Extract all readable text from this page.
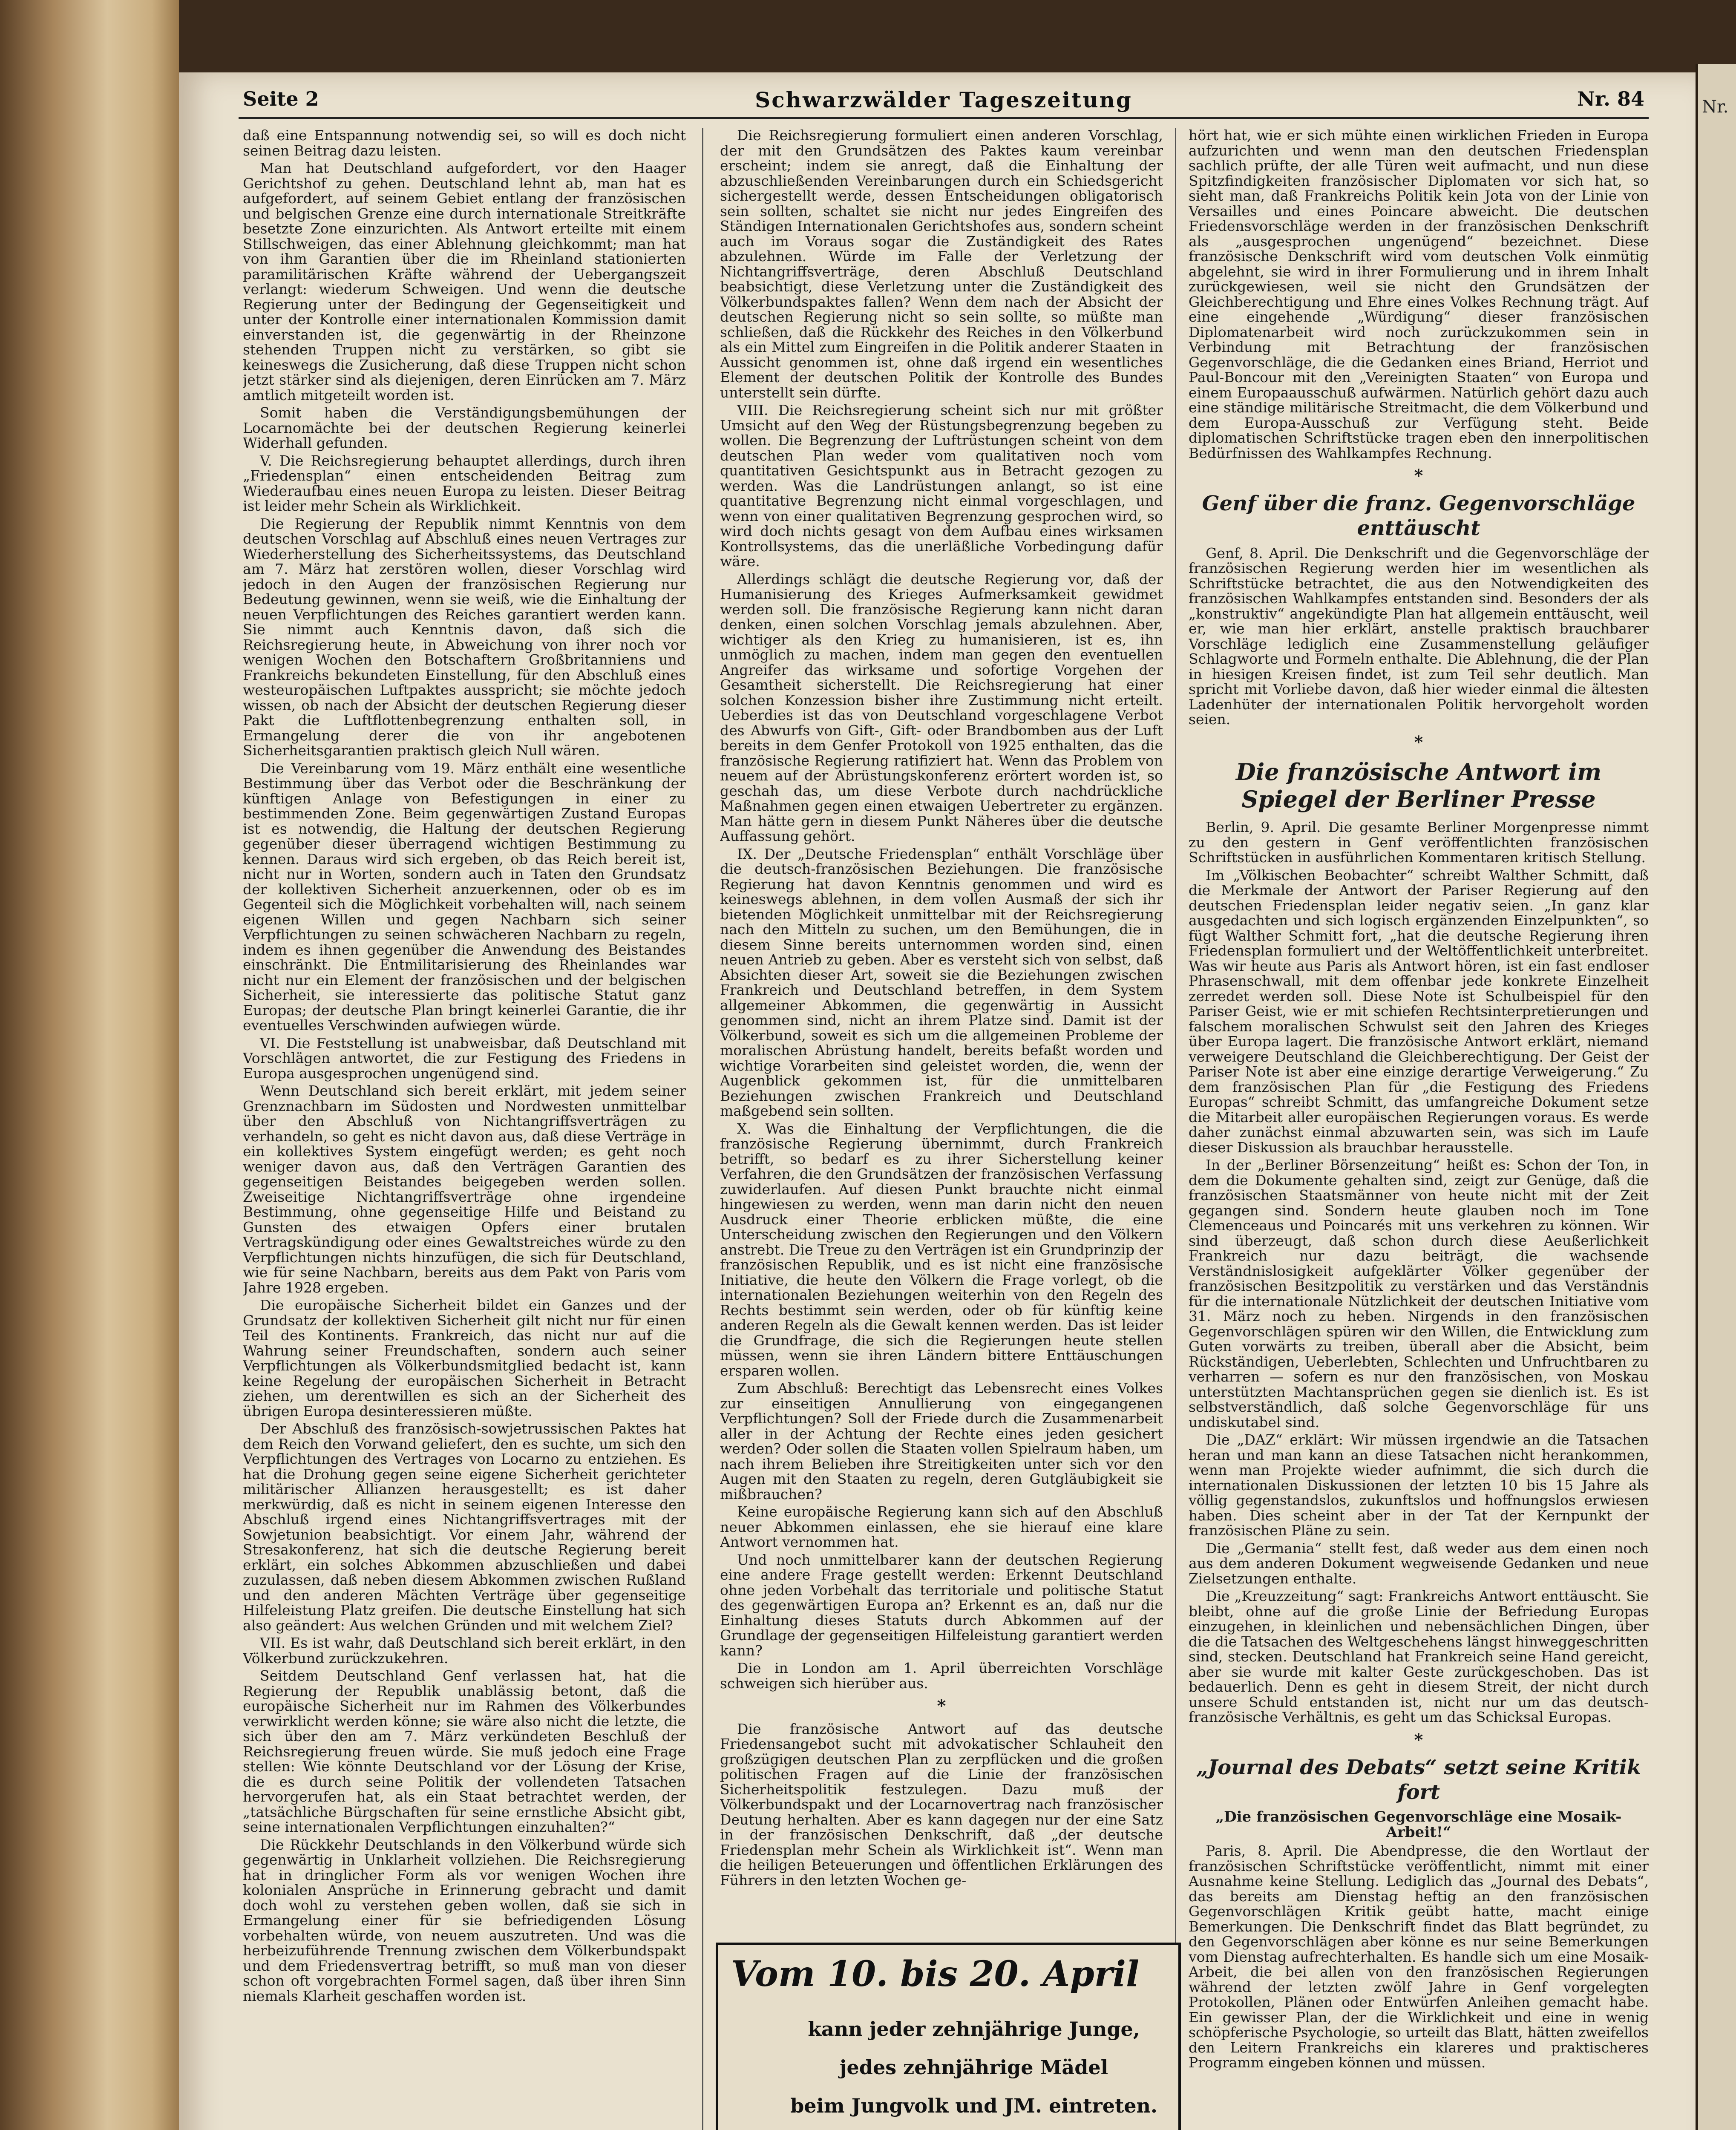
Nr.
Seite 2	Schwarzwälder Tageszeitung	Nr. 84

daß eine Entspannung notwendig sei, so will es doch nicht seinen Beitrag dazu leisten.

Man hat Deutschland aufgefordert, vor den Haager Gerichtshof zu gehen. Deutschland lehnt ab, man hat es aufgefordert, auf seinem Gebiet entlang der französischen und belgischen Grenze eine durch internationale Streitkräfte besetzte Zone einzurichten. Als Antwort erteilte mit einem Stillschweigen, das einer Ablehnung gleichkommt; man hat von ihm Garantien über die im Rheinland stationierten paramilitärischen Kräfte während der Uebergangszeit verlangt: wiederum Schweigen. Und wenn die deutsche Regierung unter der Bedingung der Gegenseitigkeit und unter der Kontrolle einer internationalen Kommission damit einverstanden ist, die gegenwärtig in der Rheinzone stehenden Truppen nicht zu verstärken, so gibt sie keineswegs die Zusicherung, daß diese Truppen nicht schon jetzt stärker sind als diejenigen, deren Einrücken am 7. März amtlich mitgeteilt worden ist.

Somit haben die Verständigungsbemühungen der Locarnomächte bei der deutschen Regierung keinerlei Widerhall gefunden.

V. Die Reichsregierung behauptet allerdings, durch ihren „Friedensplan“ einen entscheidenden Beitrag zum Wiederaufbau eines neuen Europa zu leisten. Dieser Beitrag ist leider mehr Schein als Wirklichkeit.

Die Regierung der Republik nimmt Kenntnis von dem deutschen Vorschlag auf Abschluß eines neuen Vertrages zur Wiederherstellung des Sicherheitssystems, das Deutschland am 7. März hat zerstören wollen, dieser Vorschlag wird jedoch in den Augen der französischen Regierung nur Bedeutung gewinnen, wenn sie weiß, wie die Einhaltung der neuen Verpflichtungen des Reiches garantiert werden kann. Sie nimmt auch Kenntnis davon, daß sich die Reichsregierung heute, in Abweichung von ihrer noch vor wenigen Wochen den Botschaftern Großbritanniens und Frankreichs bekundeten Einstellung, für den Abschluß eines westeuropäischen Luftpaktes ausspricht; sie möchte jedoch wissen, ob nach der Absicht der deutschen Regierung dieser Pakt die Luftflottenbegrenzung enthalten soll, in Ermangelung derer die von ihr angebotenen Sicherheitsgarantien praktisch gleich Null wären.

Die Vereinbarung vom 19. März enthält eine wesentliche Bestimmung über das Verbot oder die Beschränkung der künftigen Anlage von Befestigungen in einer zu bestimmenden Zone. Beim gegenwärtigen Zustand Europas ist es notwendig, die Haltung der deutschen Regierung gegenüber dieser überragend wichtigen Bestimmung zu kennen. Daraus wird sich ergeben, ob das Reich bereit ist, nicht nur in Worten, sondern auch in Taten den Grundsatz der kollektiven Sicherheit anzuerkennen, oder ob es im Gegenteil sich die Möglichkeit vorbehalten will, nach seinem eigenen Willen und gegen Nachbarn sich seiner Verpflichtungen zu seinen schwächeren Nachbarn zu regeln, indem es ihnen gegenüber die Anwendung des Beistandes einschränkt. Die Entmilitarisierung des Rheinlandes war nicht nur ein Element der französischen und der belgischen Sicherheit, sie interessierte das politische Statut ganz Europas; der deutsche Plan bringt keinerlei Garantie, die ihr eventuelles Verschwinden aufwiegen würde.

VI. Die Feststellung ist unabweisbar, daß Deutschland mit Vorschlägen antwortet, die zur Festigung des Friedens in Europa ausgesprochen ungenügend sind.

Wenn Deutschland sich bereit erklärt, mit jedem seiner Grenznachbarn im Südosten und Nordwesten unmittelbar über den Abschluß von Nichtangriffsverträgen zu verhandeln, so geht es nicht davon aus, daß diese Verträge in ein kollektives System eingefügt werden; es geht noch weniger davon aus, daß den Verträgen Garantien des gegenseitigen Beistandes beigegeben werden sollen. Zweiseitige Nichtangriffsverträge ohne irgendeine Bestimmung, ohne gegenseitige Hilfe und Beistand zu Gunsten des etwaigen Opfers einer brutalen Vertragskündigung oder eines Gewaltstreiches würde zu den Verpflichtungen nichts hinzufügen, die sich für Deutschland, wie für seine Nachbarn, bereits aus dem Pakt von Paris vom Jahre 1928 ergeben.

Die europäische Sicherheit bildet ein Ganzes und der Grundsatz der kollektiven Sicherheit gilt nicht nur für einen Teil des Kontinents. Frankreich, das nicht nur auf die Wahrung seiner Freundschaften, sondern auch seiner Verpflichtungen als Völkerbundsmitglied bedacht ist, kann keine Regelung der europäischen Sicherheit in Betracht ziehen, um derentwillen es sich an der Sicherheit des übrigen Europa desinteressieren müßte.

Der Abschluß des französisch-sowjetrussischen Paktes hat dem Reich den Vorwand geliefert, den es suchte, um sich den Verpflichtungen des Vertrages von Locarno zu entziehen. Es hat die Drohung gegen seine eigene Sicherheit gerichteter militärischer Allianzen herausgestellt; es ist daher merkwürdig, daß es nicht in seinem eigenen Interesse den Abschluß irgend eines Nichtangriffsvertrages mit der Sowjetunion beabsichtigt. Vor einem Jahr, während der Stresakonferenz, hat sich die deutsche Regierung bereit erklärt, ein solches Abkommen abzuschließen und dabei zuzulassen, daß neben diesem Abkommen zwischen Rußland und den anderen Mächten Verträge über gegenseitige Hilfeleistung Platz greifen. Die deutsche Einstellung hat sich also geändert: Aus welchen Gründen und mit welchem Ziel?

VII. Es ist wahr, daß Deutschland sich bereit erklärt, in den Völkerbund zurückzukehren.

Seitdem Deutschland Genf verlassen hat, hat die Regierung der Republik unablässig betont, daß die europäische Sicherheit nur im Rahmen des Völkerbundes verwirklicht werden könne; sie wäre also nicht die letzte, die sich über den am 7. März verkündeten Beschluß der Reichsregierung freuen würde. Sie muß jedoch eine Frage stellen: Wie könnte Deutschland vor der Lösung der Krise, die es durch seine Politik der vollendeten Tatsachen hervorgerufen hat, als ein Staat betrachtet werden, der „tatsächliche Bürgschaften für seine ernstliche Absicht gibt, seine internationalen Verpflichtungen einzuhalten?“

Die Rückkehr Deutschlands in den Völkerbund würde sich gegenwärtig in Unklarheit vollziehen. Die Reichsregierung hat in dringlicher Form als vor wenigen Wochen ihre kolonialen Ansprüche in Erinnerung gebracht und damit doch wohl zu verstehen geben wollen, daß sie sich in Ermangelung einer für sie befriedigenden Lösung vorbehalten würde, von neuem auszutreten. Und was die herbeizuführende Trennung zwischen dem Völkerbundspakt und dem Friedensvertrag betrifft, so muß man von dieser schon oft vorgebrachten Formel sagen, daß über ihren Sinn niemals Klarheit geschaffen worden ist.

Die Reichsregierung formuliert einen anderen Vorschlag, der mit den Grundsätzen des Paktes kaum vereinbar erscheint; indem sie anregt, daß die Einhaltung der abzuschließenden Vereinbarungen durch ein Schiedsgericht sichergestellt werde, dessen Entscheidungen obligatorisch sein sollten, schaltet sie nicht nur jedes Eingreifen des Ständigen Internationalen Gerichtshofes aus, sondern scheint auch im Voraus sogar die Zuständigkeit des Rates abzulehnen. Würde im Falle der Verletzung der Nichtangriffsverträge, deren Abschluß Deutschland beabsichtigt, diese Verletzung unter die Zuständigkeit des Völkerbundspaktes fallen? Wenn dem nach der Absicht der deutschen Regierung nicht so sein sollte, so müßte man schließen, daß die Rückkehr des Reiches in den Völkerbund als ein Mittel zum Eingreifen in die Politik anderer Staaten in Aussicht genommen ist, ohne daß irgend ein wesentliches Element der deutschen Politik der Kontrolle des Bundes unterstellt sein dürfte.

VIII. Die Reichsregierung scheint sich nur mit größter Umsicht auf den Weg der Rüstungsbegrenzung begeben zu wollen. Die Begrenzung der Luftrüstungen scheint von dem deutschen Plan weder vom qualitativen noch vom quantitativen Gesichtspunkt aus in Betracht gezogen zu werden. Was die Landrüstungen anlangt, so ist eine quantitative Begrenzung nicht einmal vorgeschlagen, und wenn von einer qualitativen Begrenzung gesprochen wird, so wird doch nichts gesagt von dem Aufbau eines wirksamen Kontrollsystems, das die unerläßliche Vorbedingung dafür wäre.

Allerdings schlägt die deutsche Regierung vor, daß der Humanisierung des Krieges Aufmerksamkeit gewidmet werden soll. Die französische Regierung kann nicht daran denken, einen solchen Vorschlag jemals abzulehnen. Aber, wichtiger als den Krieg zu humanisieren, ist es, ihn unmöglich zu machen, indem man gegen den eventuellen Angreifer das wirksame und sofortige Vorgehen der Gesamtheit sicherstellt. Die Reichsregierung hat einer solchen Konzession bisher ihre Zustimmung nicht erteilt. Ueberdies ist das von Deutschland vorgeschlagene Verbot des Abwurfs von Gift-, Gift- oder Brandbomben aus der Luft bereits in dem Genfer Protokoll von 1925 enthalten, das die französische Regierung ratifiziert hat. Wenn das Problem von neuem auf der Abrüstungskonferenz erörtert worden ist, so geschah das, um diese Verbote durch nachdrückliche Maßnahmen gegen einen etwaigen Uebertreter zu ergänzen. Man hätte gern in diesem Punkt Näheres über die deutsche Auffassung gehört.

IX. Der „Deutsche Friedensplan“ enthält Vorschläge über die deutsch-französischen Beziehungen. Die französische Regierung hat davon Kenntnis genommen und wird es keineswegs ablehnen, in dem vollen Ausmaß der sich ihr bietenden Möglichkeit unmittelbar mit der Reichsregierung nach den Mitteln zu suchen, um den Bemühungen, die in diesem Sinne bereits unternommen worden sind, einen neuen Antrieb zu geben. Aber es versteht sich von selbst, daß Absichten dieser Art, soweit sie die Beziehungen zwischen Frankreich und Deutschland betreffen, in dem System allgemeiner Abkommen, die gegenwärtig in Aussicht genommen sind, nicht an ihrem Platze sind. Damit ist der Völkerbund, soweit es sich um die allgemeinen Probleme der moralischen Abrüstung handelt, bereits befaßt worden und wichtige Vorarbeiten sind geleistet worden, die, wenn der Augenblick gekommen ist, für die unmittelbaren Beziehungen zwischen Frankreich und Deutschland maßgebend sein sollten.

X. Was die Einhaltung der Verpflichtungen, die die französische Regierung übernimmt, durch Frankreich betrifft, so bedarf es zu ihrer Sicherstellung keiner Verfahren, die den Grundsätzen der französischen Verfassung zuwiderlaufen. Auf diesen Punkt brauchte nicht einmal hingewiesen zu werden, wenn man darin nicht den neuen Ausdruck einer Theorie erblicken müßte, die eine Unterscheidung zwischen den Regierungen und den Völkern anstrebt. Die Treue zu den Verträgen ist ein Grundprinzip der französischen Republik, und es ist nicht eine französische Initiative, die heute den Völkern die Frage vorlegt, ob die internationalen Beziehungen weiterhin von den Regeln des Rechts bestimmt sein werden, oder ob für künftig keine anderen Regeln als die Gewalt kennen werden. Das ist leider die Grundfrage, die sich die Regierungen heute stellen müssen, wenn sie ihren Ländern bittere Enttäuschungen ersparen wollen.

Zum Abschluß: Berechtigt das Lebensrecht eines Volkes zur einseitigen Annullierung von eingegangenen Verpflichtungen? Soll der Friede durch die Zusammenarbeit aller in der Achtung der Rechte eines jeden gesichert werden? Oder sollen die Staaten vollen Spielraum haben, um nach ihrem Belieben ihre Streitigkeiten unter sich vor den Augen mit den Staaten zu regeln, deren Gutgläubigkeit sie mißbrauchen?

Keine europäische Regierung kann sich auf den Abschluß neuer Abkommen einlassen, ehe sie hierauf eine klare Antwort vernommen hat.

Und noch unmittelbarer kann der deutschen Regierung eine andere Frage gestellt werden: Erkennt Deutschland ohne jeden Vorbehalt das territoriale und politische Statut des gegenwärtigen Europa an? Erkennt es an, daß nur die Einhaltung dieses Statuts durch Abkommen auf der Grundlage der gegenseitigen Hilfeleistung garantiert werden kann?

Die in London am 1. April überreichten Vorschläge schweigen sich hierüber aus.

*

Die französische Antwort auf das deutsche Friedensangebot sucht mit advokatischer Schlauheit den großzügigen deutschen Plan zu zerpflücken und die großen politischen Fragen auf die Linie der französischen Sicherheitspolitik festzulegen. Dazu muß der Völkerbundspakt und der Locarnovertrag nach französischer Deutung herhalten. Aber es kann dagegen nur der eine Satz in der französischen Denkschrift, daß „der deutsche Friedensplan mehr Schein als Wirklichkeit ist“. Wenn man die heiligen Beteuerungen und öffentlichen Erklärungen des Führers in den letzten Wochen ge-

Vom 10. bis 20. April
kann jeder zehnjährige Junge,
jedes zehnjährige Mädel
beim Jungvolk und JM. eintreten.

hört hat, wie er sich mühte einen wirklichen Frieden in Europa aufzurichten und wenn man den deutschen Friedensplan sachlich prüfte, der alle Türen weit aufmacht, und nun diese Spitzfindigkeiten französischer Diplomaten vor sich hat, so sieht man, daß Frankreichs Politik kein Jota von der Linie von Versailles und eines Poincare abweicht. Die deutschen Friedensvorschläge werden in der französischen Denkschrift als „ausgesprochen ungenügend“ bezeichnet. Diese französische Denkschrift wird vom deutschen Volk einmütig abgelehnt, sie wird in ihrer Formulierung und in ihrem Inhalt zurückgewiesen, weil sie nicht den Grundsätzen der Gleichberechtigung und Ehre eines Volkes Rechnung trägt. Auf eine eingehende „Würdigung“ dieser französischen Diplomatenarbeit wird noch zurückzukommen sein in Verbindung mit Betrachtung der französischen Gegenvorschläge, die die Gedanken eines Briand, Herriot und Paul-Boncour mit den „Vereinigten Staaten“ von Europa und einem Europaausschuß aufwärmen. Natürlich gehört dazu auch eine ständige militärische Streitmacht, die dem Völkerbund und dem Europa-Ausschuß zur Verfügung steht. Beide diplomatischen Schriftstücke tragen eben den innerpolitischen Bedürfnissen des Wahlkampfes Rechnung.

*
Genf über die franz. Gegenvorschläge enttäuscht

Genf, 8. April. Die Denkschrift und die Gegenvorschläge der französischen Regierung werden hier im wesentlichen als Schriftstücke betrachtet, die aus den Notwendigkeiten des französischen Wahlkampfes entstanden sind. Besonders der als „konstruktiv“ angekündigte Plan hat allgemein enttäuscht, weil er, wie man hier erklärt, anstelle praktisch brauchbarer Vorschläge lediglich eine Zusammenstellung geläufiger Schlagworte und Formeln enthalte. Die Ablehnung, die der Plan in hiesigen Kreisen findet, ist zum Teil sehr deutlich. Man spricht mit Vorliebe davon, daß hier wieder einmal die ältesten Ladenhüter der internationalen Politik hervorgeholt worden seien.

*
Die französische Antwort im Spiegel der Berliner Presse

Berlin, 9. April. Die gesamte Berliner Morgenpresse nimmt zu den gestern in Genf veröffentlichten französischen Schriftstücken in ausführlichen Kommentaren kritisch Stellung.

Im „Völkischen Beobachter“ schreibt Walther Schmitt, daß die Merkmale der Antwort der Pariser Regierung auf den deutschen Friedensplan leider negativ seien. „In ganz klar ausgedachten und sich logisch ergänzenden Einzelpunkten“, so fügt Walther Schmitt fort, „hat die deutsche Regierung ihren Friedensplan formuliert und der Weltöffentlichkeit unterbreitet. Was wir heute aus Paris als Antwort hören, ist ein fast endloser Phrasenschwall, mit dem offenbar jede konkrete Einzelheit zerredet werden soll. Diese Note ist Schulbeispiel für den Pariser Geist, wie er mit schiefen Rechtsinterpretierungen und falschem moralischen Schwulst seit den Jahren des Krieges über Europa lagert. Die französische Antwort erklärt, niemand verweigere Deutschland die Gleichberechtigung. Der Geist der Pariser Note ist aber eine einzige derartige Verweigerung.“ Zu dem französischen Plan für „die Festigung des Friedens Europas“ schreibt Schmitt, das umfangreiche Dokument setze die Mitarbeit aller europäischen Regierungen voraus. Es werde daher zunächst einmal abzuwarten sein, was sich im Laufe dieser Diskussion als brauchbar herausstelle.

In der „Berliner Börsenzeitung“ heißt es: Schon der Ton, in dem die Dokumente gehalten sind, zeigt zur Genüge, daß die französischen Staatsmänner von heute nicht mit der Zeit gegangen sind. Sondern heute glauben noch im Tone Clemenceaus und Poincarés mit uns verkehren zu können. Wir sind überzeugt, daß schon durch diese Aeußerlichkeit Frankreich nur dazu beiträgt, die wachsende Verständnislosigkeit aufgeklärter Völker gegenüber der französischen Besitzpolitik zu verstärken und das Verständnis für die internationale Nützlichkeit der deutschen Initiative vom 31. März noch zu heben. Nirgends in den französischen Gegenvorschlägen spüren wir den Willen, die Entwicklung zum Guten vorwärts zu treiben, überall aber die Absicht, beim Rückständigen, Ueberlebten, Schlechten und Unfruchtbaren zu verharren — sofern es nur den französischen, von Moskau unterstützten Machtansprüchen gegen sie dienlich ist. Es ist selbstverständlich, daß solche Gegenvorschläge für uns undiskutabel sind.

Die „DAZ“ erklärt: Wir müssen irgendwie an die Tatsachen heran und man kann an diese Tatsachen nicht herankommen, wenn man Projekte wieder aufnimmt, die sich durch die internationalen Diskussionen der letzten 10 bis 15 Jahre als völlig gegenstandslos, zukunftslos und hoffnungslos erwiesen haben. Dies scheint aber in der Tat der Kernpunkt der französischen Pläne zu sein.

Die „Germania“ stellt fest, daß weder aus dem einen noch aus dem anderen Dokument wegweisende Gedanken und neue Zielsetzungen enthalte.

Die „Kreuzzeitung“ sagt: Frankreichs Antwort enttäuscht. Sie bleibt, ohne auf die große Linie der Befriedung Europas einzugehen, in kleinlichen und nebensächlichen Dingen, über die die Tatsachen des Weltgeschehens längst hinweggeschritten sind, stecken. Deutschland hat Frankreich seine Hand gereicht, aber sie wurde mit kalter Geste zurückgeschoben. Das ist bedauerlich. Denn es geht in diesem Streit, der nicht durch unsere Schuld entstanden ist, nicht nur um das deutsch-französische Verhältnis, es geht um das Schicksal Europas.

*
„Journal des Debats“ setzt seine Kritik fort
„Die französischen Gegenvorschläge eine Mosaik-Arbeit!“

Paris, 8. April. Die Abendpresse, die den Wortlaut der französischen Schriftstücke veröffentlicht, nimmt mit einer Ausnahme keine Stellung. Lediglich das „Journal des Debats“, das bereits am Dienstag heftig an den französischen Gegenvorschlägen Kritik geübt hatte, macht einige Bemerkungen. Die Denkschrift findet das Blatt begründet, zu den Gegenvorschlägen aber könne es nur seine Bemerkungen vom Dienstag aufrechterhalten. Es handle sich um eine Mosaik-Arbeit, die bei allen von den französischen Regierungen während der letzten zwölf Jahre in Genf vorgelegten Protokollen, Plänen oder Entwürfen Anleihen gemacht habe. Ein gewisser Plan, der die Wirklichkeit und eine in wenig schöpferische Psychologie, so urteilt das Blatt, hätten zweifellos den Leitern Frankreichs ein klareres und praktischeres Programm eingeben können und müssen.
